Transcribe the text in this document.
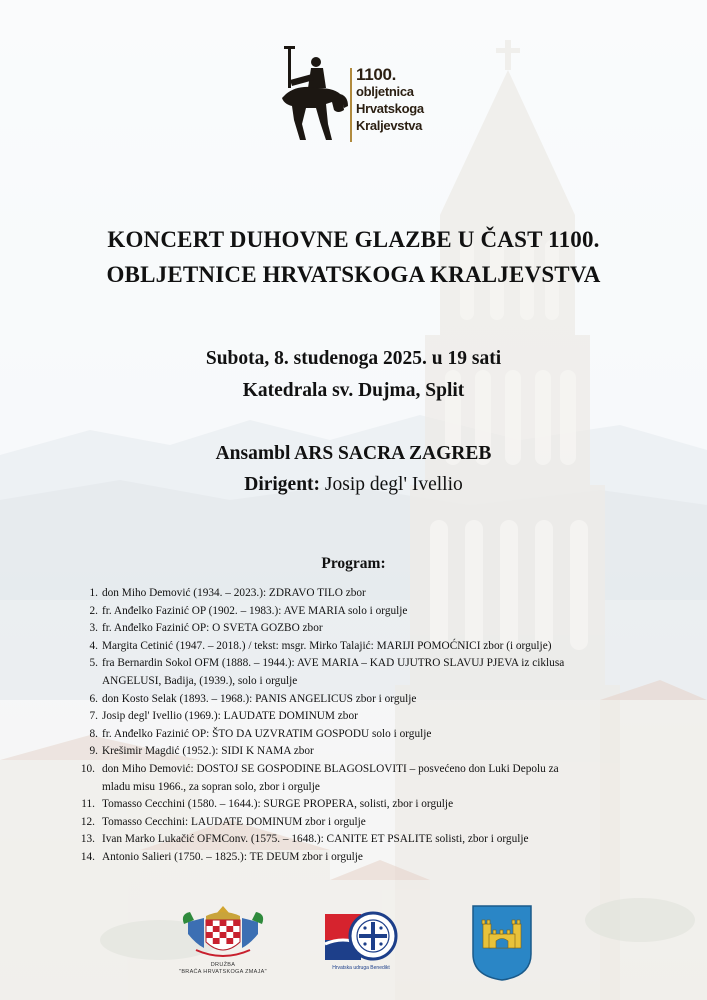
1100.
obljetnica
Hrvatskoga
Kraljevstva
KONCERT DUHOVNE GLAZBE U ČAST 1100.
OBLJETNICE HRVATSKOGA KRALJEVSTVA
Subota, 8. studenoga 2025. u 19 sati
Katedrala sv. Dujma, Split
Ansambl ARS SACRA ZAGREB
Dirigent: Josip degl' Ivellio
Program:
1. don Miho Demović (1934. – 2023.): ZDRAVO TILO zbor
2. fr. Anđelko Fazinić OP (1902. – 1983.): AVE MARIA solo i orgulje
3. fr. Anđelko Fazinić OP: O SVETA GOZBO zbor
4. Margita Cetinić (1947. – 2018.) / tekst: msgr. Mirko Talajić: MARIJI POMOĆNICI zbor (i orgulje)
5. fra Bernardin Sokol OFM (1888. – 1944.): AVE MARIA – KAD UJUTRO SLAVUJ PJEVA iz ciklusa
ANGELUSI, Badija, (1939.), solo i orgulje
6. don Kosto Selak (1893. – 1968.): PANIS ANGELICUS zbor i orgulje
7. Josip degl' Ivellio (1969.): LAUDATE DOMINUM zbor
8. fr. Anđelko Fazinić OP: ŠTO DA UZVRATIM GOSPODU solo i orgulje
9. Krešimir Magdić (1952.): SIDI K NAMA zbor
10. don Miho Demović: DOSTOJ SE GOSPODINE BLAGOSLOVITI – posvećeno don Luki Depolu za
mladu misu 1966., za sopran solo, zbor i orgulje
11. Tomasso Cecchini (1580. – 1644.): SURGE PROPERA, solisti, zbor i orgulje
12. Tomasso Cecchini: LAUDATE DOMINUM zbor i orgulje
13. Ivan Marko Lukačić OFMConv. (1575. – 1648.): CANITE ET PSALITE solisti, zbor i orgulje
14. Antonio Salieri (1750. – 1825.): TE DEUM zbor i orgulje
DRUŽBA
"BRAĆA HRVATSKOGA ZMAJA"
Hrvatska udruga Benedikt
